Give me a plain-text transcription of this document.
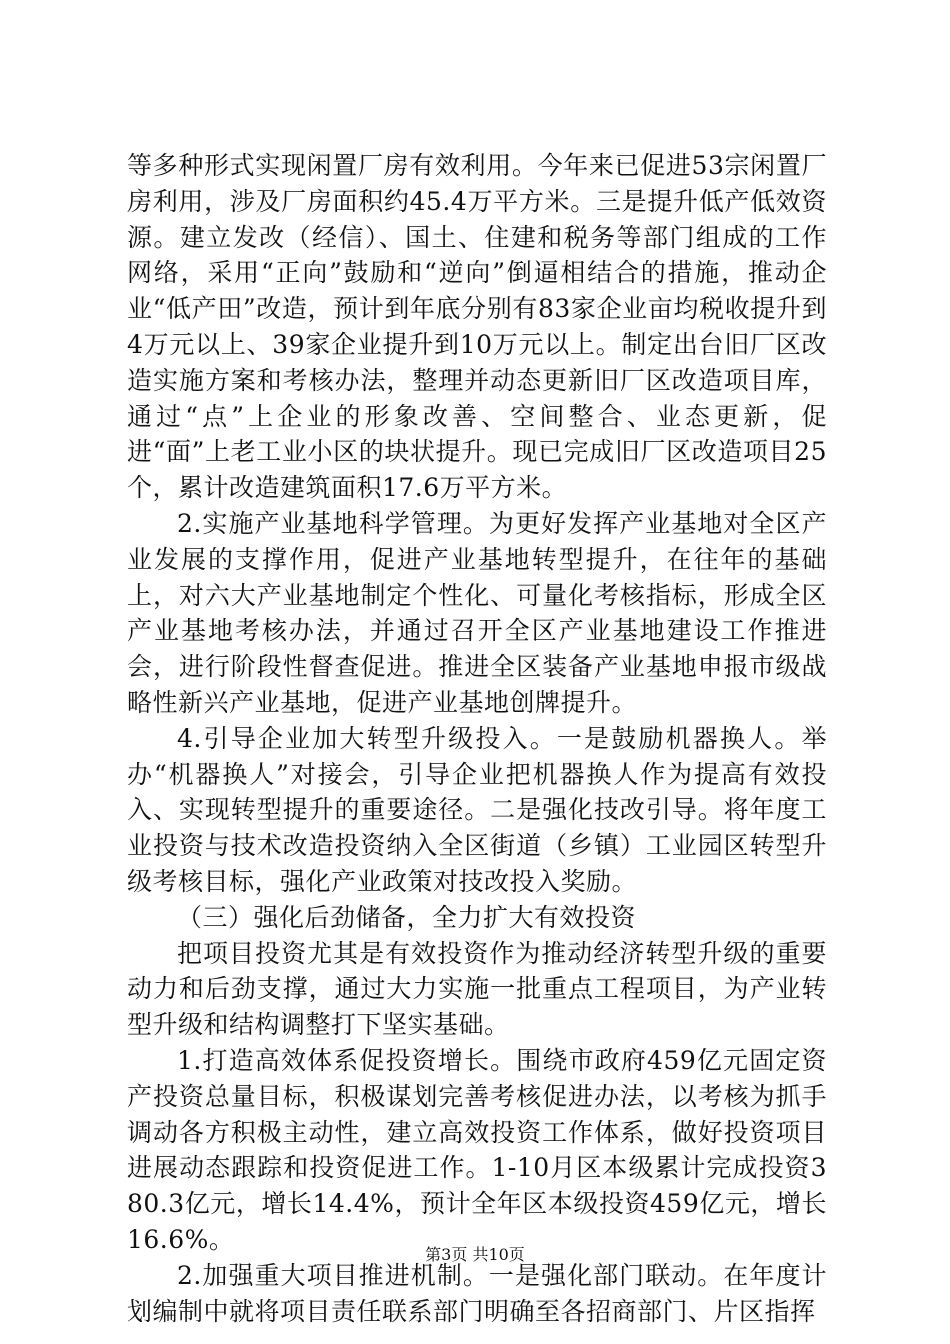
等多种形式实现闲置厂房有效利用。今年来已促进53宗闲置厂房利用，涉及厂房面积约45.4万平方米。三是提升低产低效资源。建立发改（经信）、国土、住建和税务等部门组成的工作网络，采用“正向”鼓励和“逆向”倒逼相结合的措施，推动企业“低产田”改造，预计到年底分别有83家企业亩均税收提升到4万元以上、39家企业提升到10万元以上。制定出台旧厂区改造实施方案和考核办法，整理并动态更新旧厂区改造项目库，通过“点”上企业的形象改善、空间整合、业态更新，促进“面”上老工业小区的块状提升。现已完成旧厂区改造项目25个，累计改造建筑面积17.6万平方米。

2.实施产业基地科学管理。为更好发挥产业基地对全区产业发展的支撑作用，促进产业基地转型提升，在往年的基础上，对六大产业基地制定个性化、可量化考核指标，形成全区产业基地考核办法，并通过召开全区产业基地建设工作推进会，进行阶段性督查促进。推进全区装备产业基地申报市级战略性新兴产业基地，促进产业基地创牌提升。

4.引导企业加大转型升级投入。一是鼓励机器换人。举办“机器换人”对接会，引导企业把机器换人作为提高有效投入、实现转型提升的重要途径。二是强化技改引导。将年度工业投资与技术改造投资纳入全区街道（乡镇）工业园区转型升级考核目标，强化产业政策对技改投入奖励。

（三）强化后劲储备，全力扩大有效投资

把项目投资尤其是有效投资作为推动经济转型升级的重要动力和后劲支撑，通过大力实施一批重点工程项目，为产业转型升级和结构调整打下坚实基础。

1.打造高效体系促投资增长。围绕市政府459亿元固定资产投资总量目标，积极谋划完善考核促进办法，以考核为抓手调动各方积极主动性，建立高效投资工作体系，做好投资项目进展动态跟踪和投资促进工作。1-10月区本级累计完成投资380.3亿元，增长14.4%，预计全年区本级投资459亿元，增长16.6%。

2.加强重大项目推进机制。一是强化部门联动。在年度计划编制中就将项目责任联系部门明确至各招商部门、片区指挥

第3页 共10页
